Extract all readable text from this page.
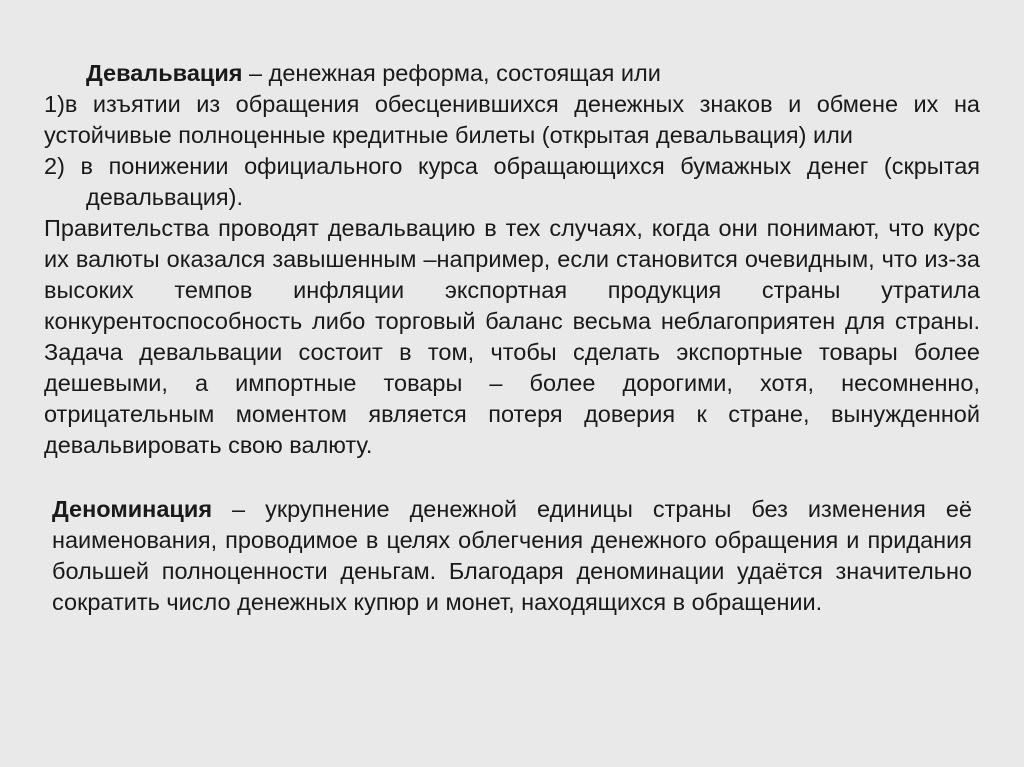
Девальвация – денежная реформа, состоящая или
1)в изъятии из обращения обесценившихся денежных знаков и обмене их на устойчивые полноценные кредитные билеты (открытая девальвация) или
2) в понижении официального курса обращающихся бумажных денег (скрытая девальвация).
Правительства проводят девальвацию в тех случаях, когда они понимают, что курс их валюты оказался завышенным –например, если становится очевидным, что из-за высоких темпов инфляции экспортная продукция страны утратила конкурентоспособность либо торговый баланс весьма неблагоприятен для страны. Задача девальвации состоит в том, чтобы сделать экспортные товары более дешевыми, а импортные товары – более дорогими, хотя, несомненно, отрицательным моментом является потеря доверия к стране, вынужденной девальвировать свою валюту.
Деноминация – укрупнение денежной единицы страны без изменения её наименования, проводимое в целях облегчения денежного обращения и придания большей полноценности деньгам. Благодаря деноминации удаётся значительно сократить число денежных купюр и монет, находящихся в обращении.
